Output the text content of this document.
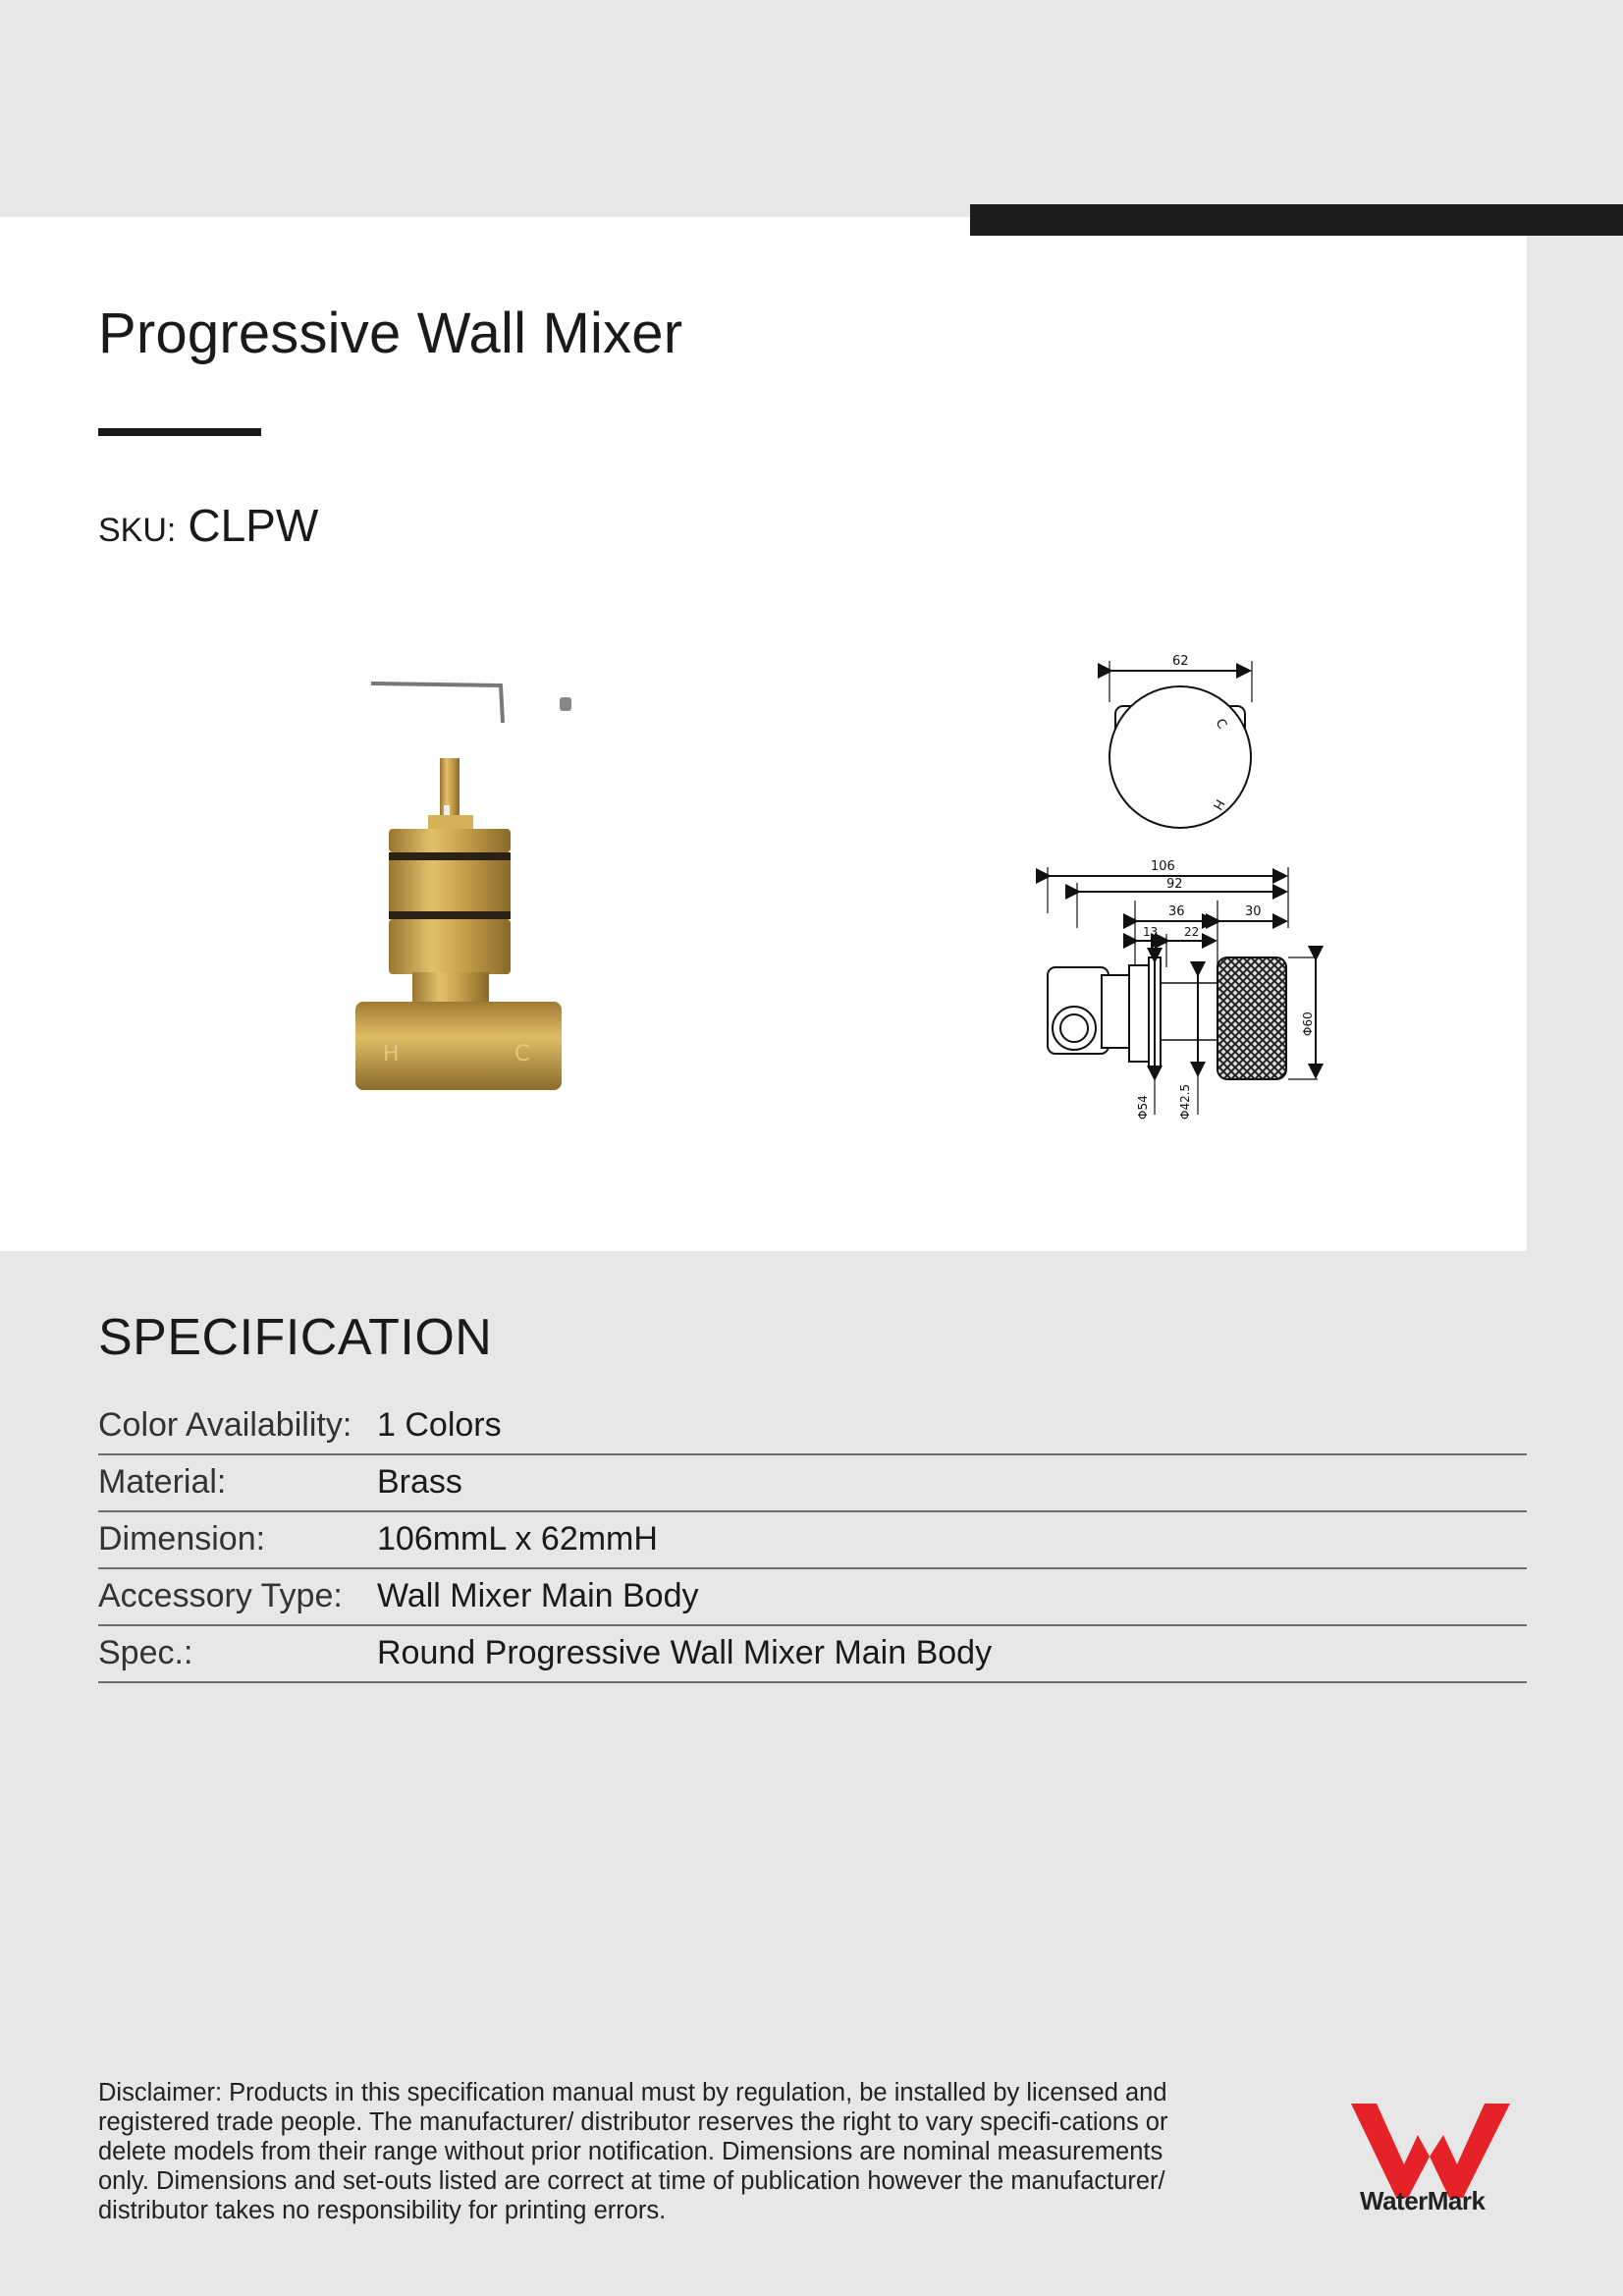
Progressive Wall Mixer
SKU: CLPW
H	C
62
C
H
106
92
36	30
13 22
Φ54 Φ42.5
Φ60
SPECIFICATION
Color Availability: 1 Colors
Material:	Brass
Dimension:	106mmL x 62mmH
Accessory Type: Wall Mixer Main Body
Spec.:	Round Progressive Wall Mixer Main Body

Disclaimer: Products in this specification manual must by regulation, be installed by licensed and registered trade people. The manufacturer/ distributor reserves the right to vary specifi-cations or delete models from their range without prior notification. Dimensions are nominal measurements only. Dimensions and set-outs listed are correct at time of publication however the manufacturer/ distributor takes no responsibility for printing errors.	WaterMark
